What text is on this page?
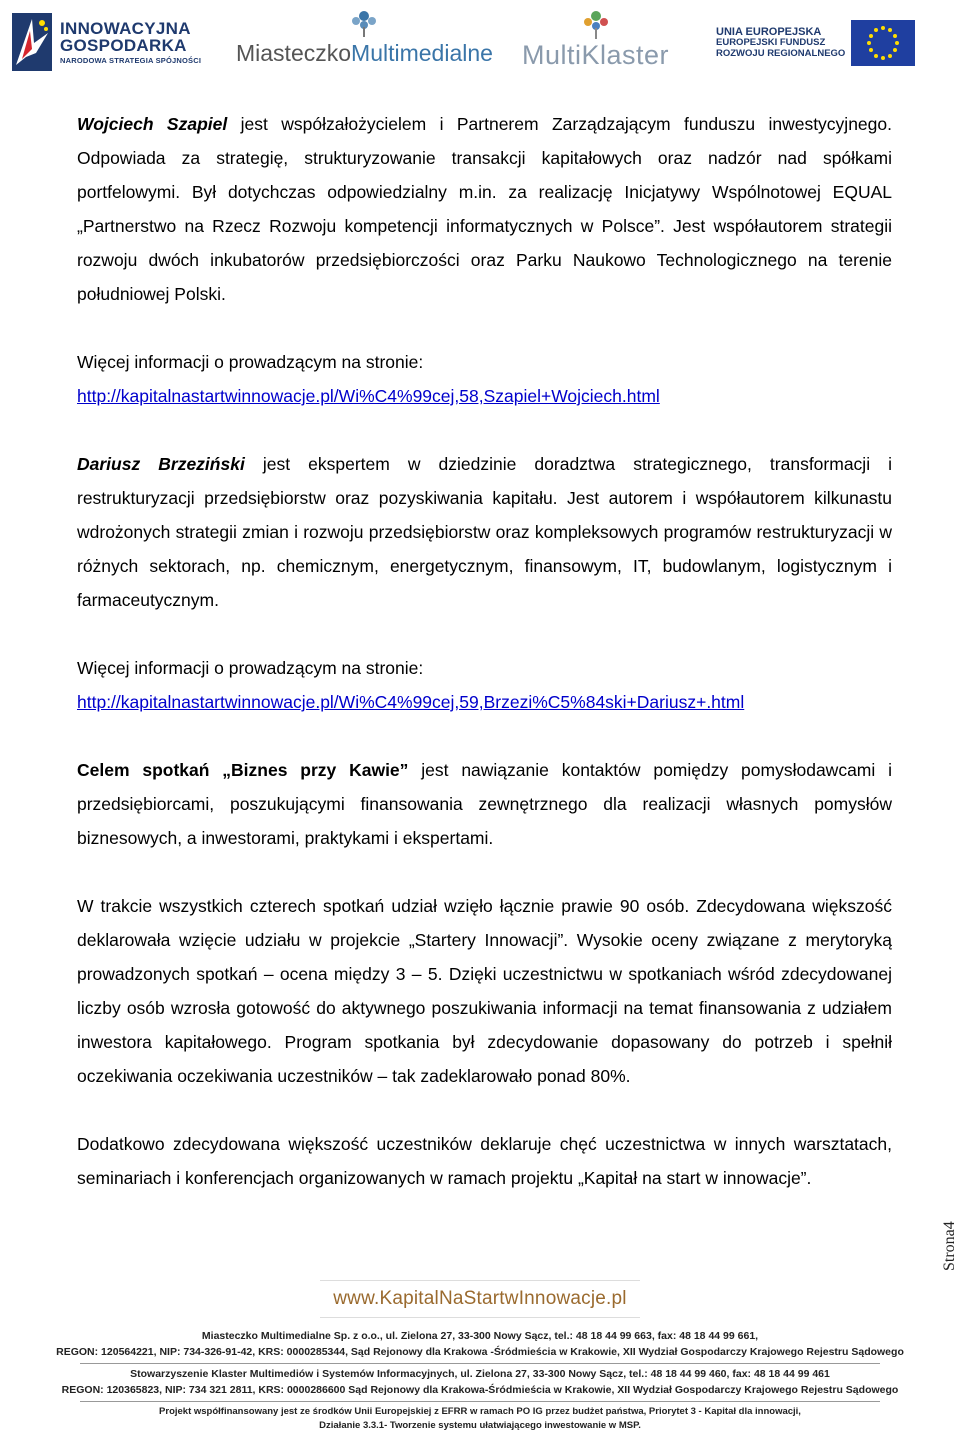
INNOWACYJNA
GOSPODARKA
NARODOWA STRATEGIA SPÓJNOŚCI MiasteczkoMultimedialne MultiKlaster
UNIA EUROPEJSKA
EUROPEJSKI FUNDUSZ
ROZWOJU REGIONALNEGO

Wojciech Szapiel jest współzałożycielem i Partnerem Zarządzającym funduszu inwestycyjnego. Odpowiada za strategię, strukturyzowanie transakcji kapitałowych oraz nadzór nad spółkami portfelowymi. Był dotychczas odpowiedzialny m.in. za realizację Inicjatywy Wspólnotowej EQUAL „Partnerstwo na Rzecz Rozwoju kompetencji informatycznych w Polsce”. Jest współautorem strategii rozwoju dwóch inkubatorów przedsiębiorczości oraz Parku Naukowo Technologicznego na terenie południowej Polski.

Więcej informacji o prowadzącym na stronie:

http://kapitalnastartwinnowacje.pl/Wi%C4%99cej,58,Szapiel+Wojciech.html

Dariusz Brzeziński jest ekspertem w dziedzinie doradztwa strategicznego, transformacji i restrukturyzacji przedsiębiorstw oraz pozyskiwania kapitału. Jest autorem i współautorem kilkunastu wdrożonych strategii zmian i rozwoju przedsiębiorstw oraz kompleksowych programów restrukturyzacji w różnych sektorach, np. chemicznym, energetycznym, finansowym, IT, budowlanym, logistycznym i farmaceutycznym.

Więcej informacji o prowadzącym na stronie:

http://kapitalnastartwinnowacje.pl/Wi%C4%99cej,59,Brzezi%C5%84ski+Dariusz+.html

Celem spotkań „Biznes przy Kawie” jest nawiązanie kontaktów pomiędzy pomysłodawcami i przedsiębiorcami, poszukującymi finansowania zewnętrznego dla realizacji własnych pomysłów biznesowych, a inwestorami, praktykami i ekspertami.

W trakcie wszystkich czterech spotkań udział wzięło łącznie prawie 90 osób. Zdecydowana większość deklarowała wzięcie udziału w projekcie „Startery Innowacji”. Wysokie oceny związane z merytoryką prowadzonych spotkań – ocena między 3 – 5. Dzięki uczestnictwu w spotkaniach wśród zdecydowanej liczby osób wzrosła gotowość do aktywnego poszukiwania informacji na temat finansowania z udziałem inwestora kapitałowego. Program spotkania był zdecydowanie dopasowany do potrzeb i spełnił oczekiwania oczekiwania uczestników – tak zadeklarowało ponad 80%.

Dodatkowo zdecydowana większość uczestników deklaruje chęć uczestnictwa w innych warsztatach, seminariach i konferencjach organizowanych w ramach projektu „Kapitał na start w innowacje”.

Strona4
www.KapitalNaStartwInnowacje.pl
Miasteczko Multimedialne Sp. z o.o., ul. Zielona 27, 33-300 Nowy Sącz, tel.: 48 18 44 99 663, fax: 48 18 44 99 661,
REGON: 120564221, NIP: 734-326-91-42, KRS: 0000285344, Sąd Rejonowy dla Krakowa -Śródmieścia w Krakowie, XII Wydział Gospodarczy Krajowego Rejestru Sądowego
Stowarzyszenie Klaster Multimediów i Systemów Informacyjnych, ul. Zielona 27, 33-300 Nowy Sącz, tel.: 48 18 44 99 460, fax: 48 18 44 99 461
REGON: 120365823, NIP: 734 321 2811, KRS: 0000286600 Sąd Rejonowy dla Krakowa-Śródmieścia w Krakowie, XII Wydział Gospodarczy Krajowego Rejestru Sądowego
Projekt współfinansowany jest ze środków Unii Europejskiej z EFRR w ramach PO IG przez budżet państwa, Priorytet 3 - Kapitał dla innowacji,
Działanie 3.3.1- Tworzenie systemu ułatwiającego inwestowanie w MSP.
